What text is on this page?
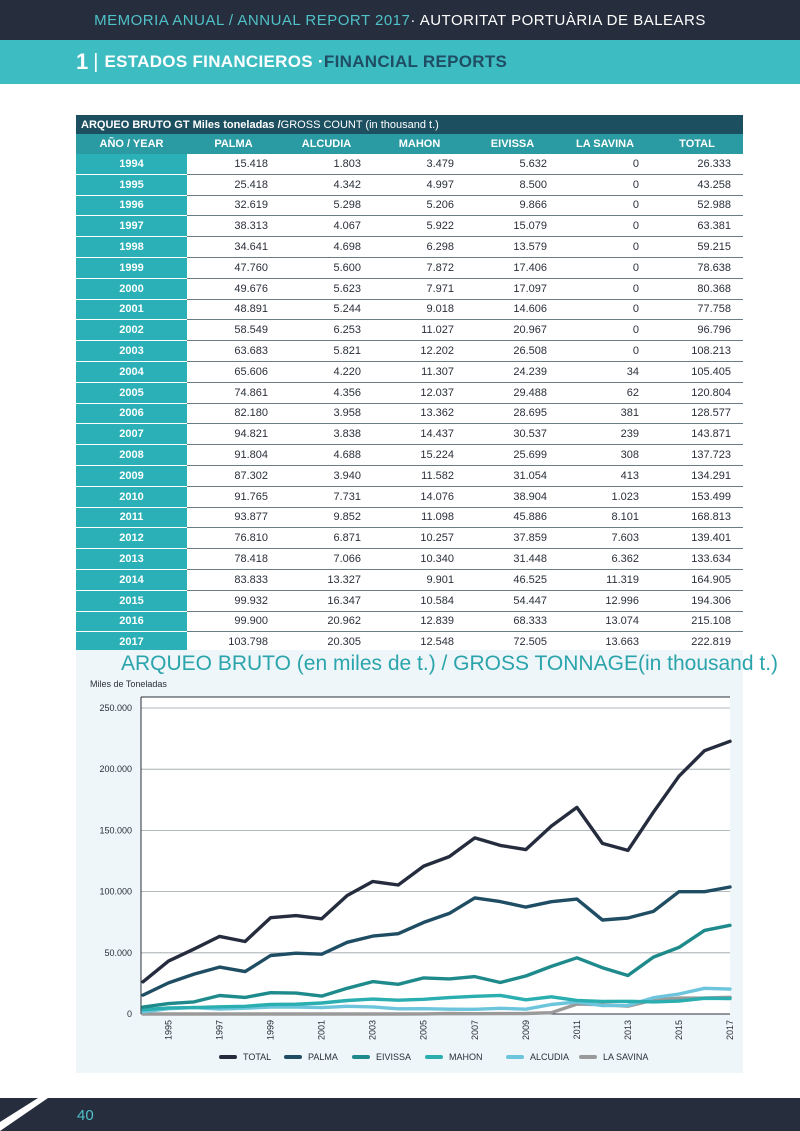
MEMORIA ANUAL / ANNUAL REPORT 2017 · AUTORITAT PORTUÀRIA DE BALEARS
1 | ESTADOS FINANCIEROS · FINANCIAL REPORTS
ARQUEO BRUTO GT Miles toneladas / GROSS COUNT (in thousand t.)
AÑO / YEAR	PALMA	ALCUDIA	MAHON	EIVISSA	LA SAVINA	TOTAL
1994	15.418	1.803	3.479	5.632	0	26.333
1995	25.418	4.342	4.997	8.500	0	43.258
1996	32.619	5.298	5.206	9.866	0	52.988
1997	38.313	4.067	5.922	15.079	0	63.381
1998	34.641	4.698	6.298	13.579	0	59.215
1999	47.760	5.600	7.872	17.406	0	78.638
2000	49.676	5.623	7.971	17.097	0	80.368
2001	48.891	5.244	9.018	14.606	0	77.758
2002	58.549	6.253	11.027	20.967	0	96.796
2003	63.683	5.821	12.202	26.508	0	108.213
2004	65.606	4.220	11.307	24.239	34	105.405
2005	74.861	4.356	12.037	29.488	62	120.804
2006	82.180	3.958	13.362	28.695	381	128.577
2007	94.821	3.838	14.437	30.537	239	143.871
2008	91.804	4.688	15.224	25.699	308	137.723
2009	87.302	3.940	11.582	31.054	413	134.291
2010	91.765	7.731	14.076	38.904	1.023	153.499
2011	93.877	9.852	11.098	45.886	8.101	168.813
2012	76.810	6.871	10.257	37.859	7.603	139.401
2013	78.418	7.066	10.340	31.448	6.362	133.634
2014	83.833	13.327	9.901	46.525	11.319	164.905
2015	99.932	16.347	10.584	54.447	12.996	194.306
2016	99.900	20.962	12.839	68.333	13.074	215.108
2017	103.798	20.305	12.548	72.505	13.663	222.819
ARQUEO BRUTO (en miles de t.) / GROSS TONNAGE(in thousand t.)
Miles de Toneladas
0
50.000
100.000
150.000
200.000
250.000
1995	1997	1999	2001	2003	2005	2007	2009	2011	2013	2015	2017
TOTAL	PALMA	EIVISSA	MAHON	ALCUDIA	LA SAVINA
40
